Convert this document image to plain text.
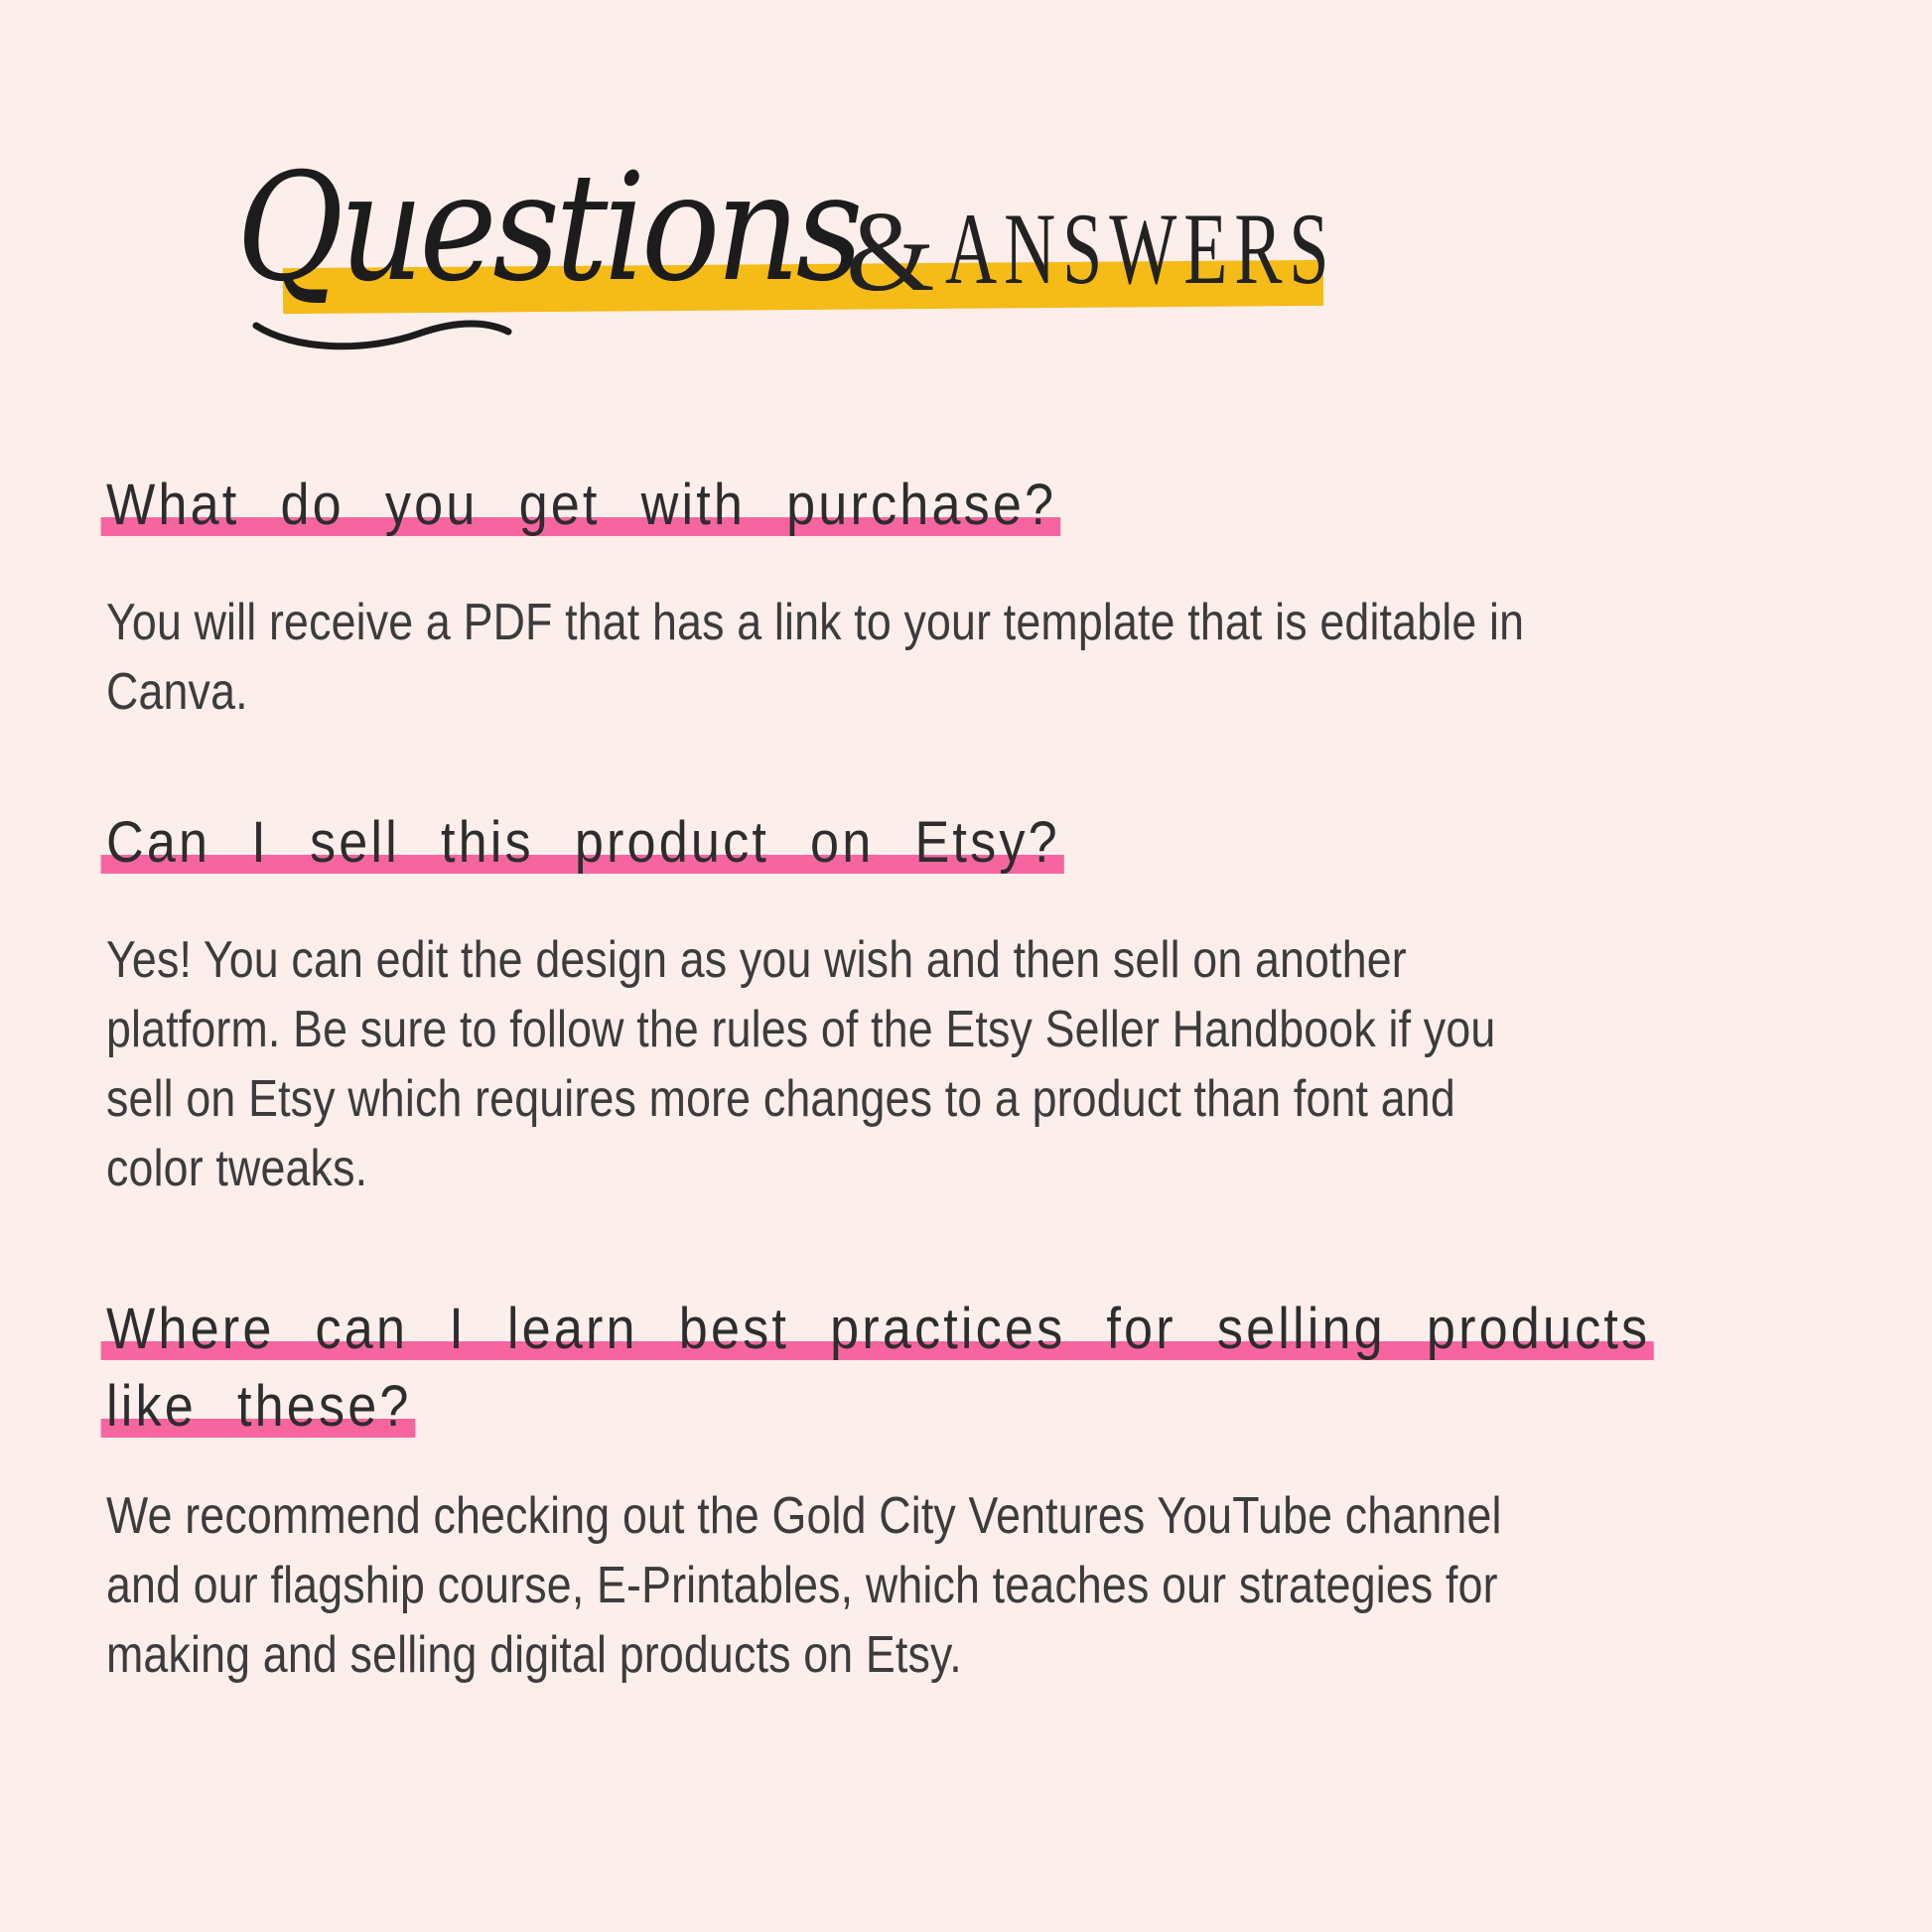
Questions
& ANSWERS
What do you get with purchase?
You will receive a PDF that has a link to your template that is editable in
Canva.
Can I sell this product on Etsy?
Yes! You can edit the design as you wish and then sell on another
platform. Be sure to follow the rules of the Etsy Seller Handbook if you
sell on Etsy which requires more changes to a product than font and
color tweaks.
Where can I learn best practices for selling products
like these?
We recommend checking out the Gold City Ventures YouTube channel
and our flagship course, E-Printables, which teaches our strategies for
making and selling digital products on Etsy.
